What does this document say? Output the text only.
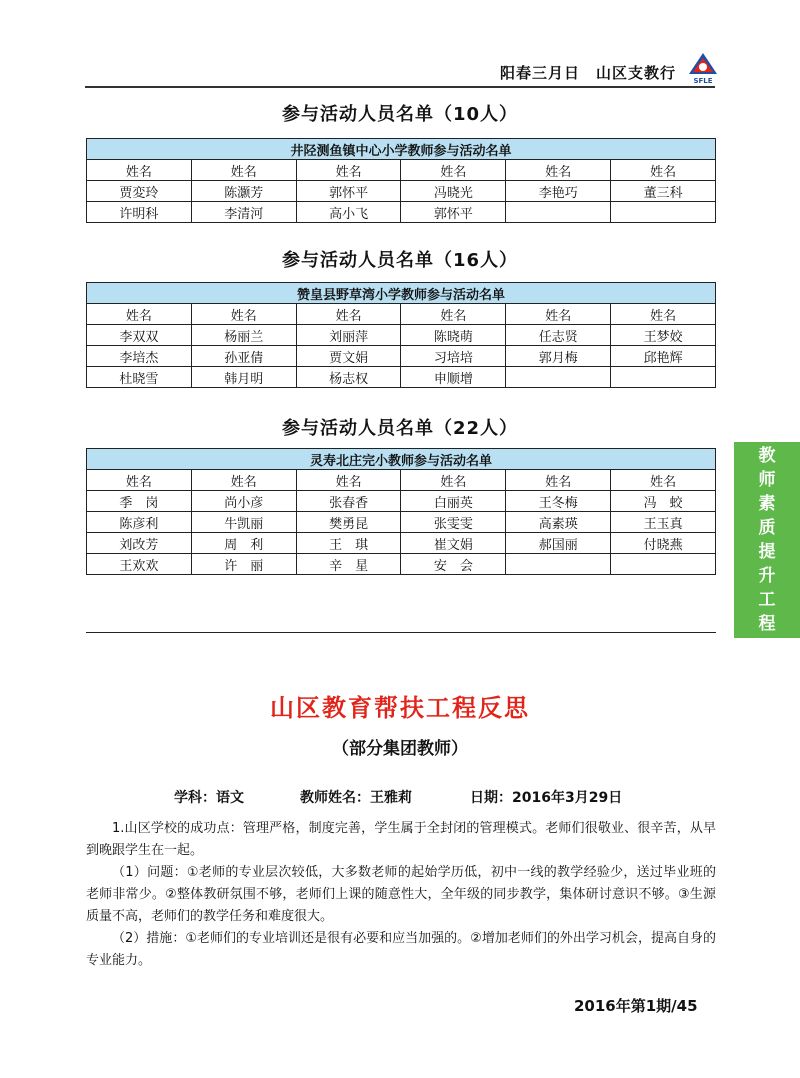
阳春三月日　山区支教行 SFLE
教
师
素
质
提
升
工
程
参与活动人员名单（10人）
井陉测鱼镇中心小学教师参与活动名单					
姓名	姓名	姓名	姓名	姓名	姓名
贾変玲	陈灏芳	郭怀平	冯晓光	李艳巧	董三科
许明科	李清河	高小飞	郭怀平		
参与活动人员名单（16人）
赞皇县野草湾小学教师参与活动名单					
姓名	姓名	姓名	姓名	姓名	姓名
李双双	杨丽兰	刘丽萍	陈晓萌	任志贤	王梦姣
李培杰	孙亚倩	贾文娟	习培培	郭月梅	邱艳辉
杜晓雪	韩月明	杨志权	申顺增		
参与活动人员名单（22人）
灵寿北庄完小教师参与活动名单					
姓名	姓名	姓名	姓名	姓名	姓名
季　岗	尚小彦	张春香	白丽英	王冬梅	冯　蛟
陈彦利	牛凯丽	樊勇昆	张雯雯	高素瑛	王玉真
刘改芳	周　利	王　琪	崔文娟	郝国丽	付晓燕
王欢欢	许　丽	辛　星	安　会		
山区教育帮扶工程反思
（部分集团教师）
学科：语文	教师姓名：王雅莉	日期：2016年3月29日
1.山区学校的成功点：管理严格，制度完善，学生属于全封闭的管理模式。老师们很敬业、很辛苦，从早到晚跟学生在一起。
（1）问题：①老师的专业层次较低，大多数老师的起始学历低，初中一线的教学经验少，送过毕业班的老师非常少。②整体教研氛围不够，老师们上课的随意性大，全年级的同步教学，集体研讨意识不够。③生源质量不高，老师们的教学任务和难度很大。
（2）措施：①老师们的专业培训还是很有必要和应当加强的。②增加老师们的外出学习机会，提高自身的专业能力。
2016年第1期/45
